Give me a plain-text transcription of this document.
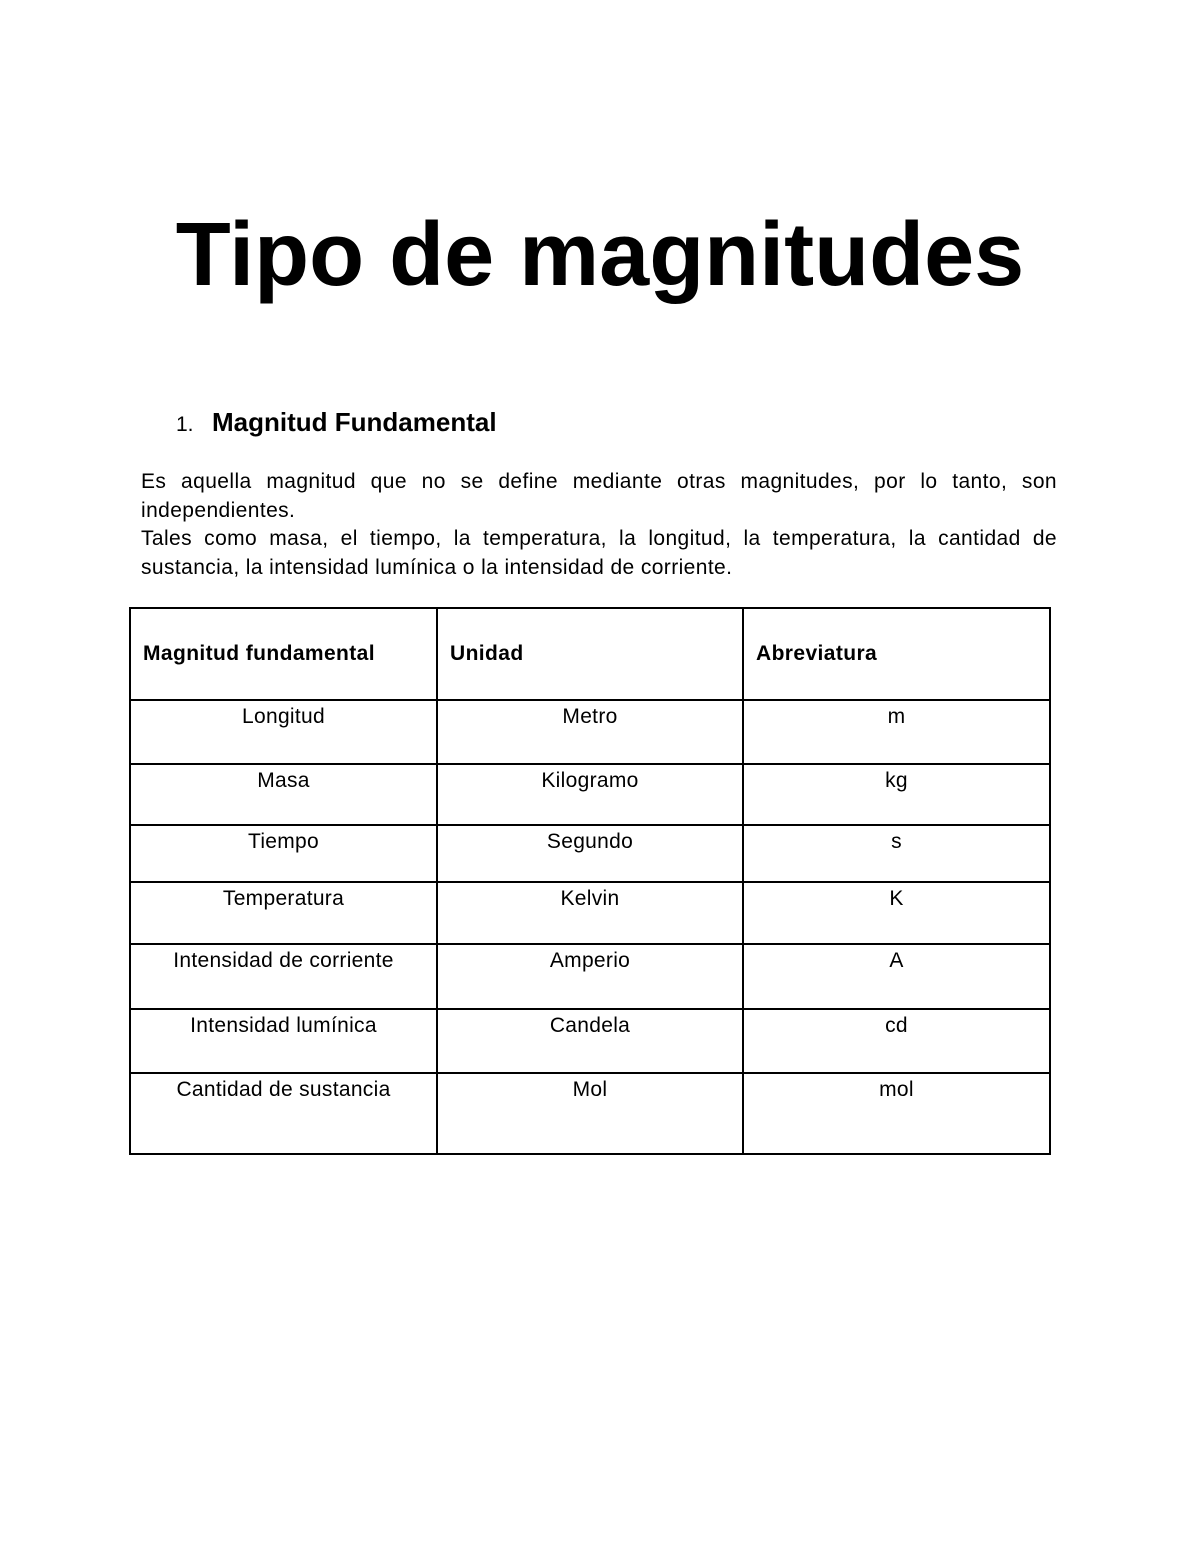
Tipo de magnitudes
1. Magnitud Fundamental

Es aquella magnitud que no se define mediante otras magnitudes, por lo tanto, son independientes.

Tales como masa, el tiempo, la temperatura, la longitud, la temperatura, la cantidad de sustancia, la intensidad lumínica o la intensidad de corriente.

Magnitud fundamental	Unidad	Abreviatura
Longitud	Metro	m
Masa	Kilogramo	kg
Tiempo	Segundo	s
Temperatura	Kelvin	K
Intensidad de corriente	Amperio	A
Intensidad lumínica	Candela	cd
Cantidad de sustancia	Mol	mol
